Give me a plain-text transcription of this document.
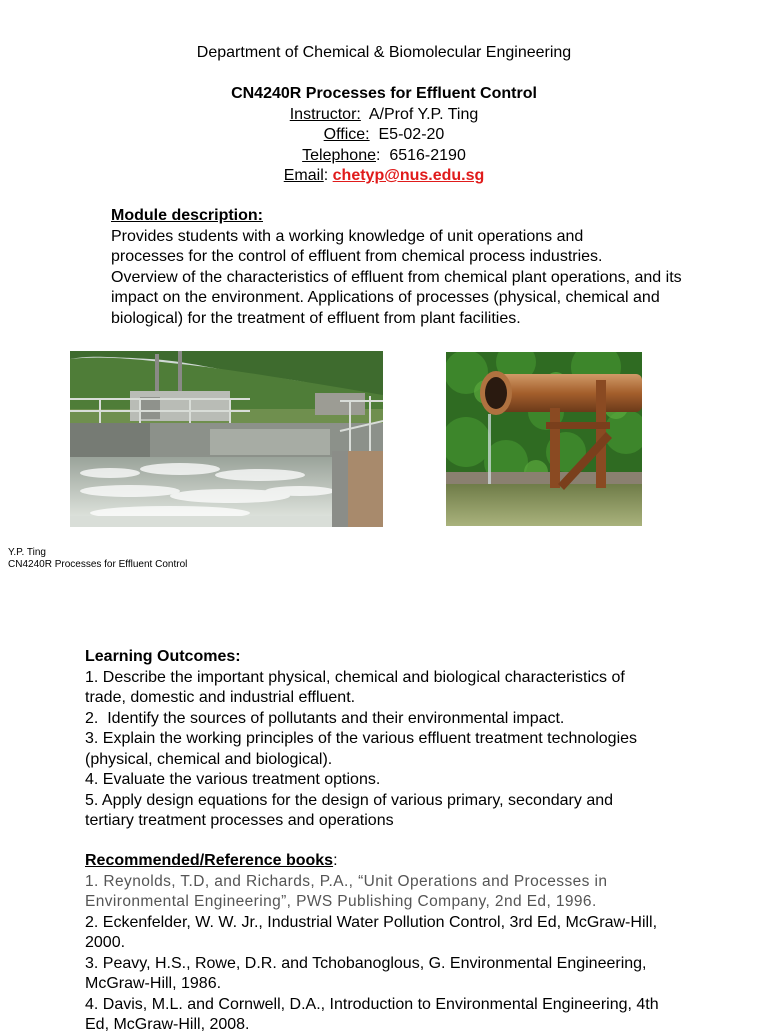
Department of Chemical & Biomolecular Engineering
CN4240R Processes for Effluent Control
Instructor:  A/Prof Y.P. Ting
Office:  E5-02-20
Telephone:  6516-2190
Email: chetyp@nus.edu.sg
Module description:
Provides students with a working knowledge of unit operations and
processes for the control of effluent from chemical process industries.
Overview of the characteristics of effluent from chemical plant operations, and its
impact on the environment. Applications of processes (physical, chemical and
biological) for the treatment of effluent from plant facilities.
Y.P. Ting
CN4240R Processes for Effluent Control
Learning Outcomes:
1. Describe the important physical, chemical and biological characteristics of
trade, domestic and industrial effluent.
2.  Identify the sources of pollutants and their environmental impact.
3. Explain the working principles of the various effluent treatment technologies
(physical, chemical and biological).
4. Evaluate the various treatment options.
5. Apply design equations for the design of various primary, secondary and
tertiary treatment processes and operations
Recommended/Reference books:
1. Reynolds, T.D, and Richards, P.A., “Unit Operations and Processes in
Environmental Engineering”, PWS Publishing Company, 2nd Ed, 1996.
2. Eckenfelder, W. W. Jr., Industrial Water Pollution Control, 3rd Ed, McGraw-Hill,
2000.
3. Peavy, H.S., Rowe, D.R. and Tchobanoglous, G. Environmental Engineering,
McGraw-Hill, 1986.
4. Davis, M.L. and Cornwell, D.A., Introduction to Environmental Engineering, 4th
Ed, McGraw-Hill, 2008.
